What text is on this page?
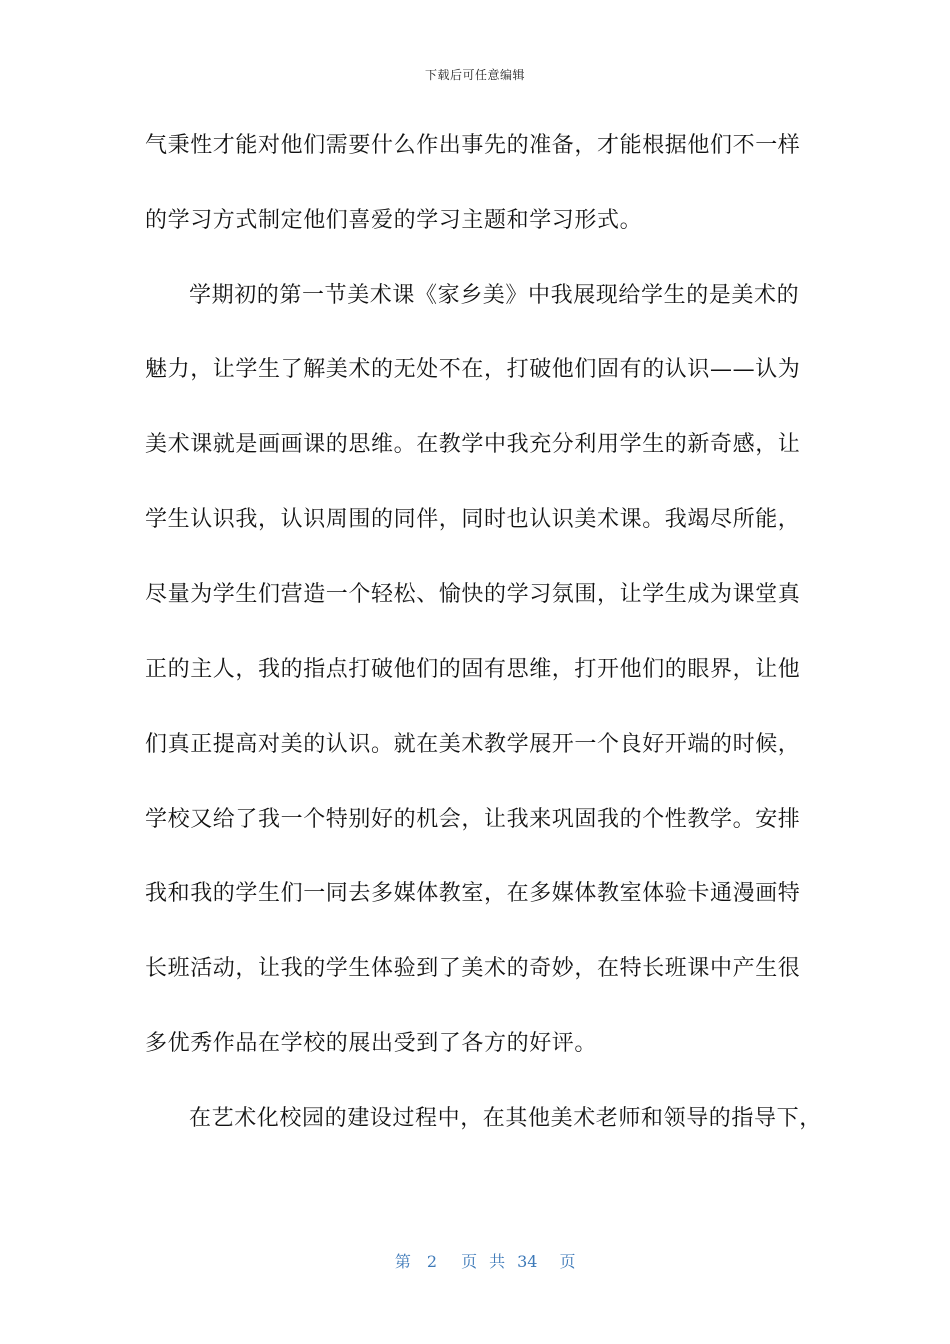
下载后可任意编辑
气秉性才能对他们需要什么作出事先的准备，才能根据他们不一样
的学习方式制定他们喜爱的学习主题和学习形式。
学期初的第一节美术课《家乡美》中我展现给学生的是美术的
魅力，让学生了解美术的无处不在，打破他们固有的认识——认为
美术课就是画画课的思维。在教学中我充分利用学生的新奇感，让
学生认识我，认识周围的同伴，同时也认识美术课。我竭尽所能，
尽量为学生们营造一个轻松、愉快的学习氛围，让学生成为课堂真
正的主人，我的指点打破他们的固有思维，打开他们的眼界，让他
们真正提高对美的认识。就在美术教学展开一个良好开端的时候，
学校又给了我一个特别好的机会，让我来巩固我的个性教学。安排
我和我的学生们一同去多媒体教室，在多媒体教室体验卡通漫画特
长班活动，让我的学生体验到了美术的奇妙，在特长班课中产生很
多优秀作品在学校的展出受到了各方的好评。
在艺术化校园的建设过程中，在其他美术老师和领导的指导下，

第 2 页 共 34 页
